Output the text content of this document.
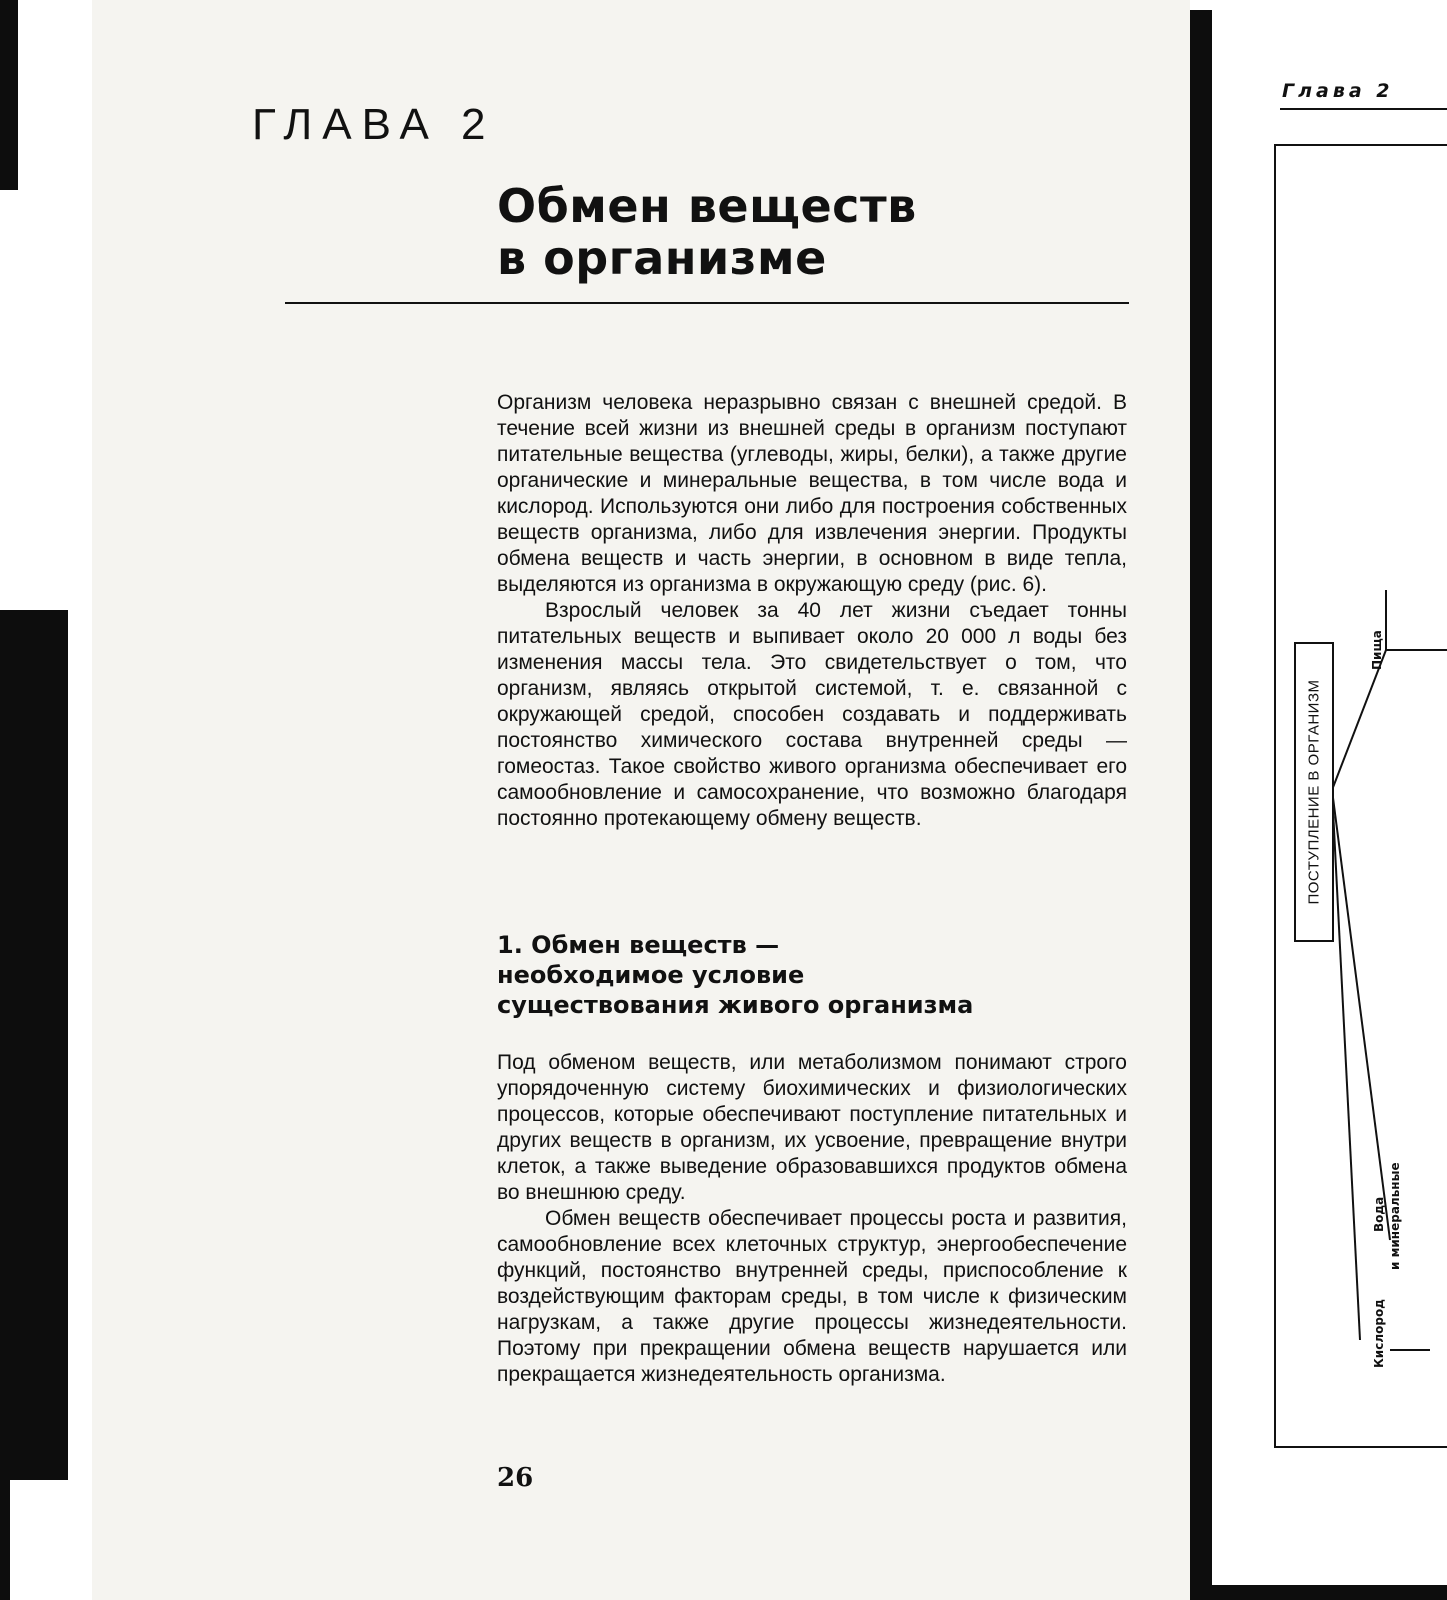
ГЛАВА 2
Обмен веществ
в организме

Организм человека неразрывно связан с внешней средой. В течение всей жизни из внешней среды в организм поступают питательные вещества (углеводы, жиры, белки), а также другие органические и минеральные вещества, в том числе вода и кислород. Используются они либо для построения собственных веществ организма, либо для извлечения энергии. Продукты обмена веществ и часть энергии, в основном в виде тепла, выделяются из организма в окружающую среду (рис. 6).

Взрослый человек за 40 лет жизни съедает тонны питательных веществ и выпивает около 20 000 л воды без изменения массы тела. Это свидетельствует о том, что организм, являясь открытой системой, т. е. связанной с окружающей средой, способен создавать и поддерживать постоянство химического состава внутренней среды — гомеостаз. Такое свойство живого организма обеспечивает его самообновление и самосохранение, что возможно благодаря постоянно протекающему обмену веществ.

1. Обмен веществ —
необходимое условие
существования живого организма

Под обменом веществ, или метаболизмом понимают строго упорядоченную систему биохимических и физиологических процессов, которые обеспечивают поступление питательных и других веществ в организм, их усвоение, превращение внутри клеток, а также выведение образовавшихся продуктов обмена во внешнюю среду.

Обмен веществ обеспечивает процессы роста и развития, самообновление всех клеточных структур, энергообеспечение функций, постоянство внутренней среды, приспособление к воздействующим факторам среды, в том числе к физическим нагрузкам, а также другие процессы жизнедеятельности. Поэтому при прекращении обмена веществ нарушается или прекращается жизнедеятельность организма.

26
Глава 2
ПОСТУПЛЕНИЕ В ОРГАНИЗМ
Пища
Вода и минеральные
Кислород
